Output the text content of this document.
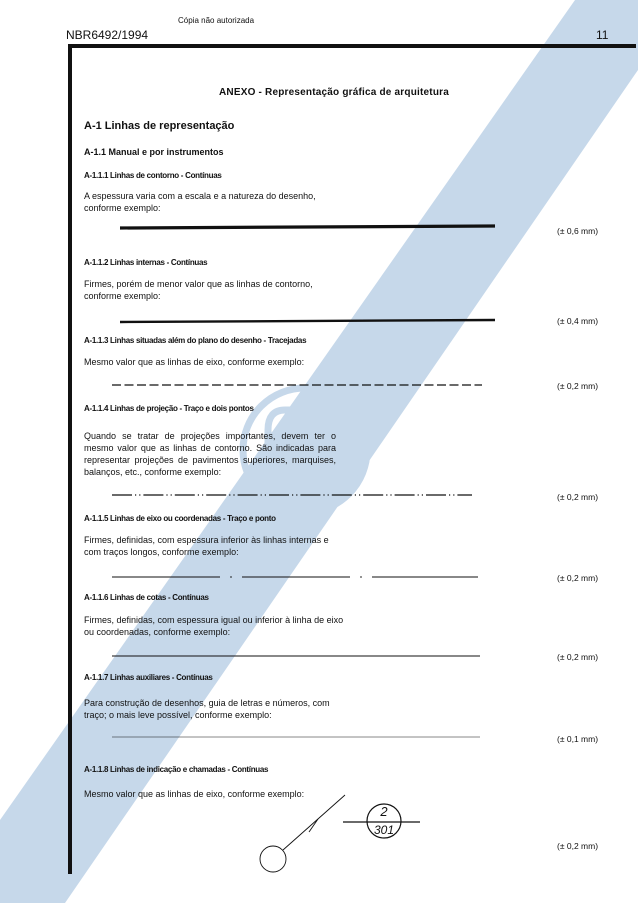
Cópia não autorizada
NBR6492/1994	11
ANEXO - Representação gráfica de arquitetura
A-1 Linhas de representação
A-1.1 Manual e por instrumentos
A-1.1.1 Linhas de contorno - Contínuas
A espessura varia com a escala e a natureza do desenho, conforme exemplo:
(± 0,6 mm)
A-1.1.2 Linhas internas - Contínuas
Firmes, porém de menor valor que as linhas de contorno, conforme exemplo:
(± 0,4 mm)
A-1.1.3 Linhas situadas além do plano do desenho - Tracejadas
Mesmo valor que as linhas de eixo, conforme exemplo:
(± 0,2 mm)
A-1.1.4 Linhas de projeção - Traço e dois pontos
Quando se tratar de projeções importantes, devem ter o mesmo valor que as linhas de contorno. São indicadas para representar projeções de pavimentos superiores, marquises, balanços, etc., conforme exemplo:
(± 0,2 mm)
A-1.1.5 Linhas de eixo ou coordenadas - Traço e ponto
Firmes, definidas, com espessura inferior às linhas internas e com traços longos, conforme exemplo:
(± 0,2 mm)
A-1.1.6 Linhas de cotas - Contínuas
Firmes, definidas, com espessura igual ou inferior à linha de eixo ou coordenadas, conforme exemplo:
(± 0,2 mm)
A-1.1.7 Linhas auxiliares - Contínuas
Para construção de desenhos, guia de letras e números, com traço; o mais leve possível, conforme exemplo:
(± 0,1 mm)
A-1.1.8 Linhas de indicação e chamadas - Contínuas
Mesmo valor que as linhas de eixo, conforme exemplo:
(± 0,2 mm)
2
301
